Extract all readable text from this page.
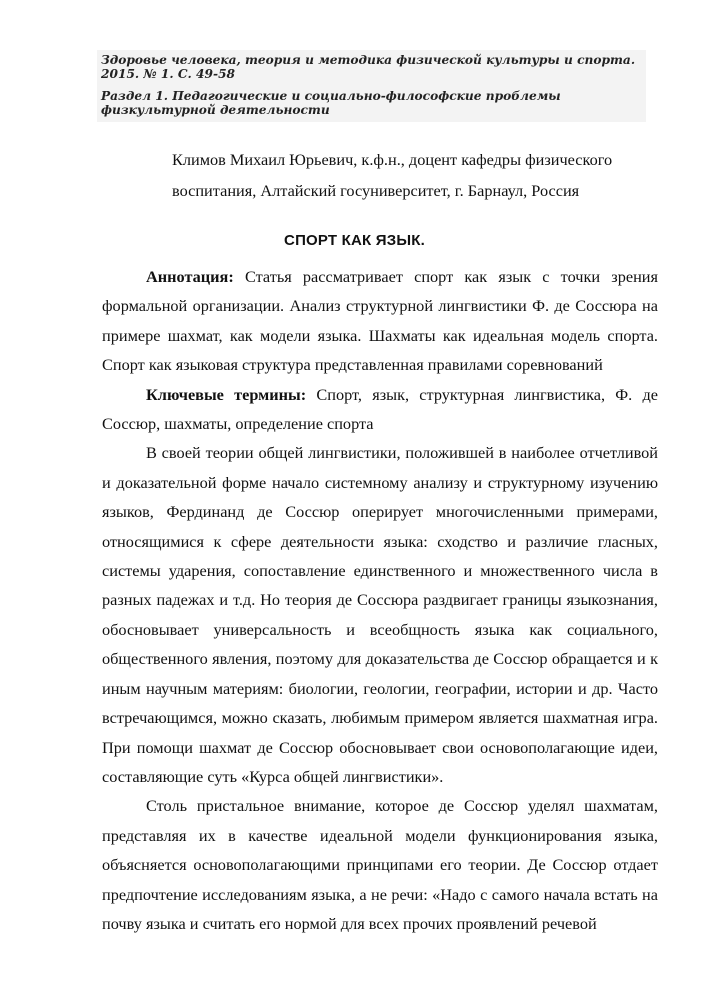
Здоровье человека, теория и методика физической культуры и спорта.
2015. № 1. С. 49-58
Раздел 1. Педагогические и социально-философские проблемы
физкультурной деятельности
Климов Михаил Юрьевич, к.ф.н., доцент кафедры физического
воспитания, Алтайский госуниверситет, г. Барнаул, Россия
СПОРТ КАК ЯЗЫК.

Аннотация: Статья рассматривает спорт как язык с точки зрения формальной организации. Анализ структурной лингвистики Ф. де Соссюра на примере шахмат, как модели языка. Шахматы как идеальная модель спорта. Спорт как языковая структура представленная правилами соревнований

Ключевые термины: Спорт, язык, структурная лингвистика, Ф. де Соссюр, шахматы, определение спорта

В своей теории общей лингвистики, положившей в наиболее отчетливой и доказательной форме начало системному анализу и структурному изучению языков, Фердинанд де Соссюр оперирует многочисленными примерами, относящимися к сфере деятельности языка: сходство и различие гласных, системы ударения, сопоставление единственного и множественного числа в разных падежах и т.д. Но теория де Соссюра раздвигает границы языкознания, обосновывает универсальность и всеобщность языка как социального, общественного явления, поэтому для доказательства де Соссюр обращается и к иным научным материям: биологии, геологии, географии, истории и др. Часто встречающимся, можно сказать, любимым примером является шахматная игра. При помощи шахмат де Соссюр обосновывает свои основополагающие идеи, составляющие суть «Курса общей лингвистики».

Столь пристальное внимание, которое де Соссюр уделял шахматам, представляя их в качестве идеальной модели функционирования языка, объясняется основополагающими принципами его теории. Де Соссюр отдает предпочтение исследованиям языка, а не речи: «Надо с самого начала встать на почву языка и считать его нормой для всех прочих проявлений речевой
